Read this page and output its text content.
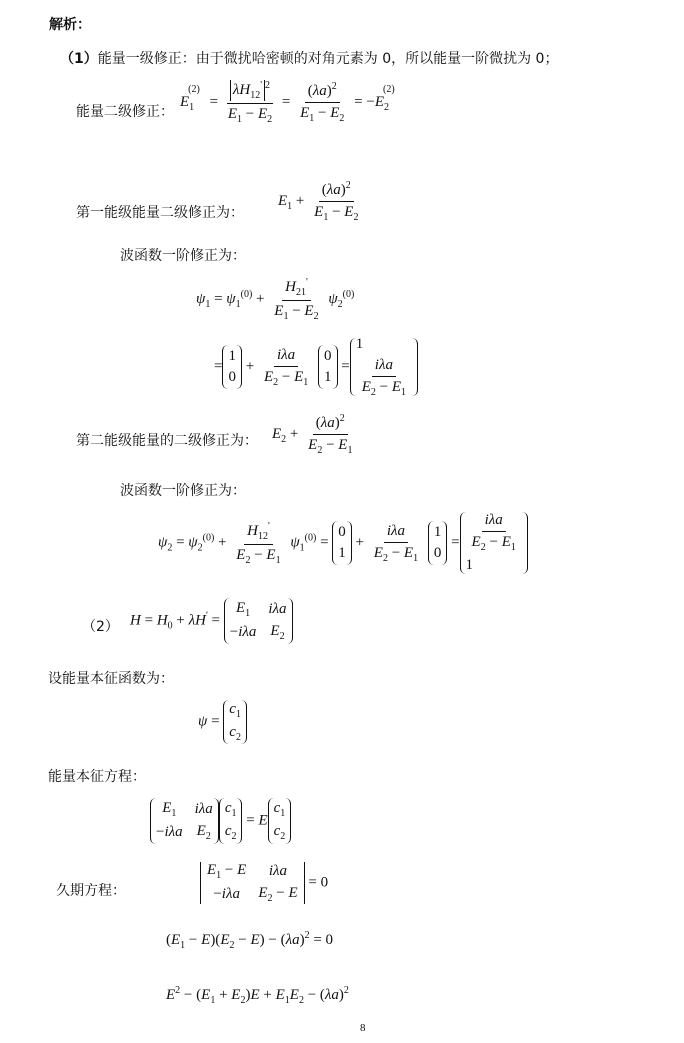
解析：
（1）能量一级修正：由于微扰哈密顿的对角元素为 0，所以能量一阶微扰为 0；
能量二级修正：
$E_1^{(2)} = \frac{\lambda H_{12}' ^2}{E_1 - E_2} = \frac{(\lambda a)^2}{E_1 - E_2} = -E_2^{(2)}$
第一能级能量二级修正为：
$E_1 + \frac{(\lambda a)^2}{E_1 - E_2}$
波函数一阶修正为：
$\psi_1 = \psi_1^{(0)} + \frac{H_{21}'}{E_1 - E_2} \psi_2^{(0)}$
=
1
0
+ $\frac{\text{iλa}}{E_2 - E_1}$
0
1
=
1
$\frac{\text{iλa}}{E_2 - E_1}$
第二能级能量的二级修正为： $E_2 + \frac{(\lambda a)^2}{E_2 - E_1}$
波函数一阶修正为：
$\psi_2 = \psi_2^{(0)} + \frac{H_{12}'}{E_2 - E_1} \psi_1^{(0)}$ =
0
1
+ $\frac{\text{iλa}}{E_2 - E_1}$
1
0
= $\frac{\text{iλa}}{E_2 - E_1}$
1
（2） $H = H_0 + \lambda H'$ =
$E_1$ iλa
−iλa $E_2$
设能量本征函数为：
ψ =
$c_1$
$c_2$
能量本征方程：
$E_1$ iλa
−iλa $E_2$
$c_1$
$c_2$
= E
$c_1$
$c_2$
久期方程：
$E_1 - E$ iλa
−iλa $E_2 - E$
= 0
$(E_1 - E)(E_2 - E) - (\lambda a)^2 = 0$
$E^2 - (E_1 + E_2)E + E_1E_2 - (\lambda a)^2$
8
